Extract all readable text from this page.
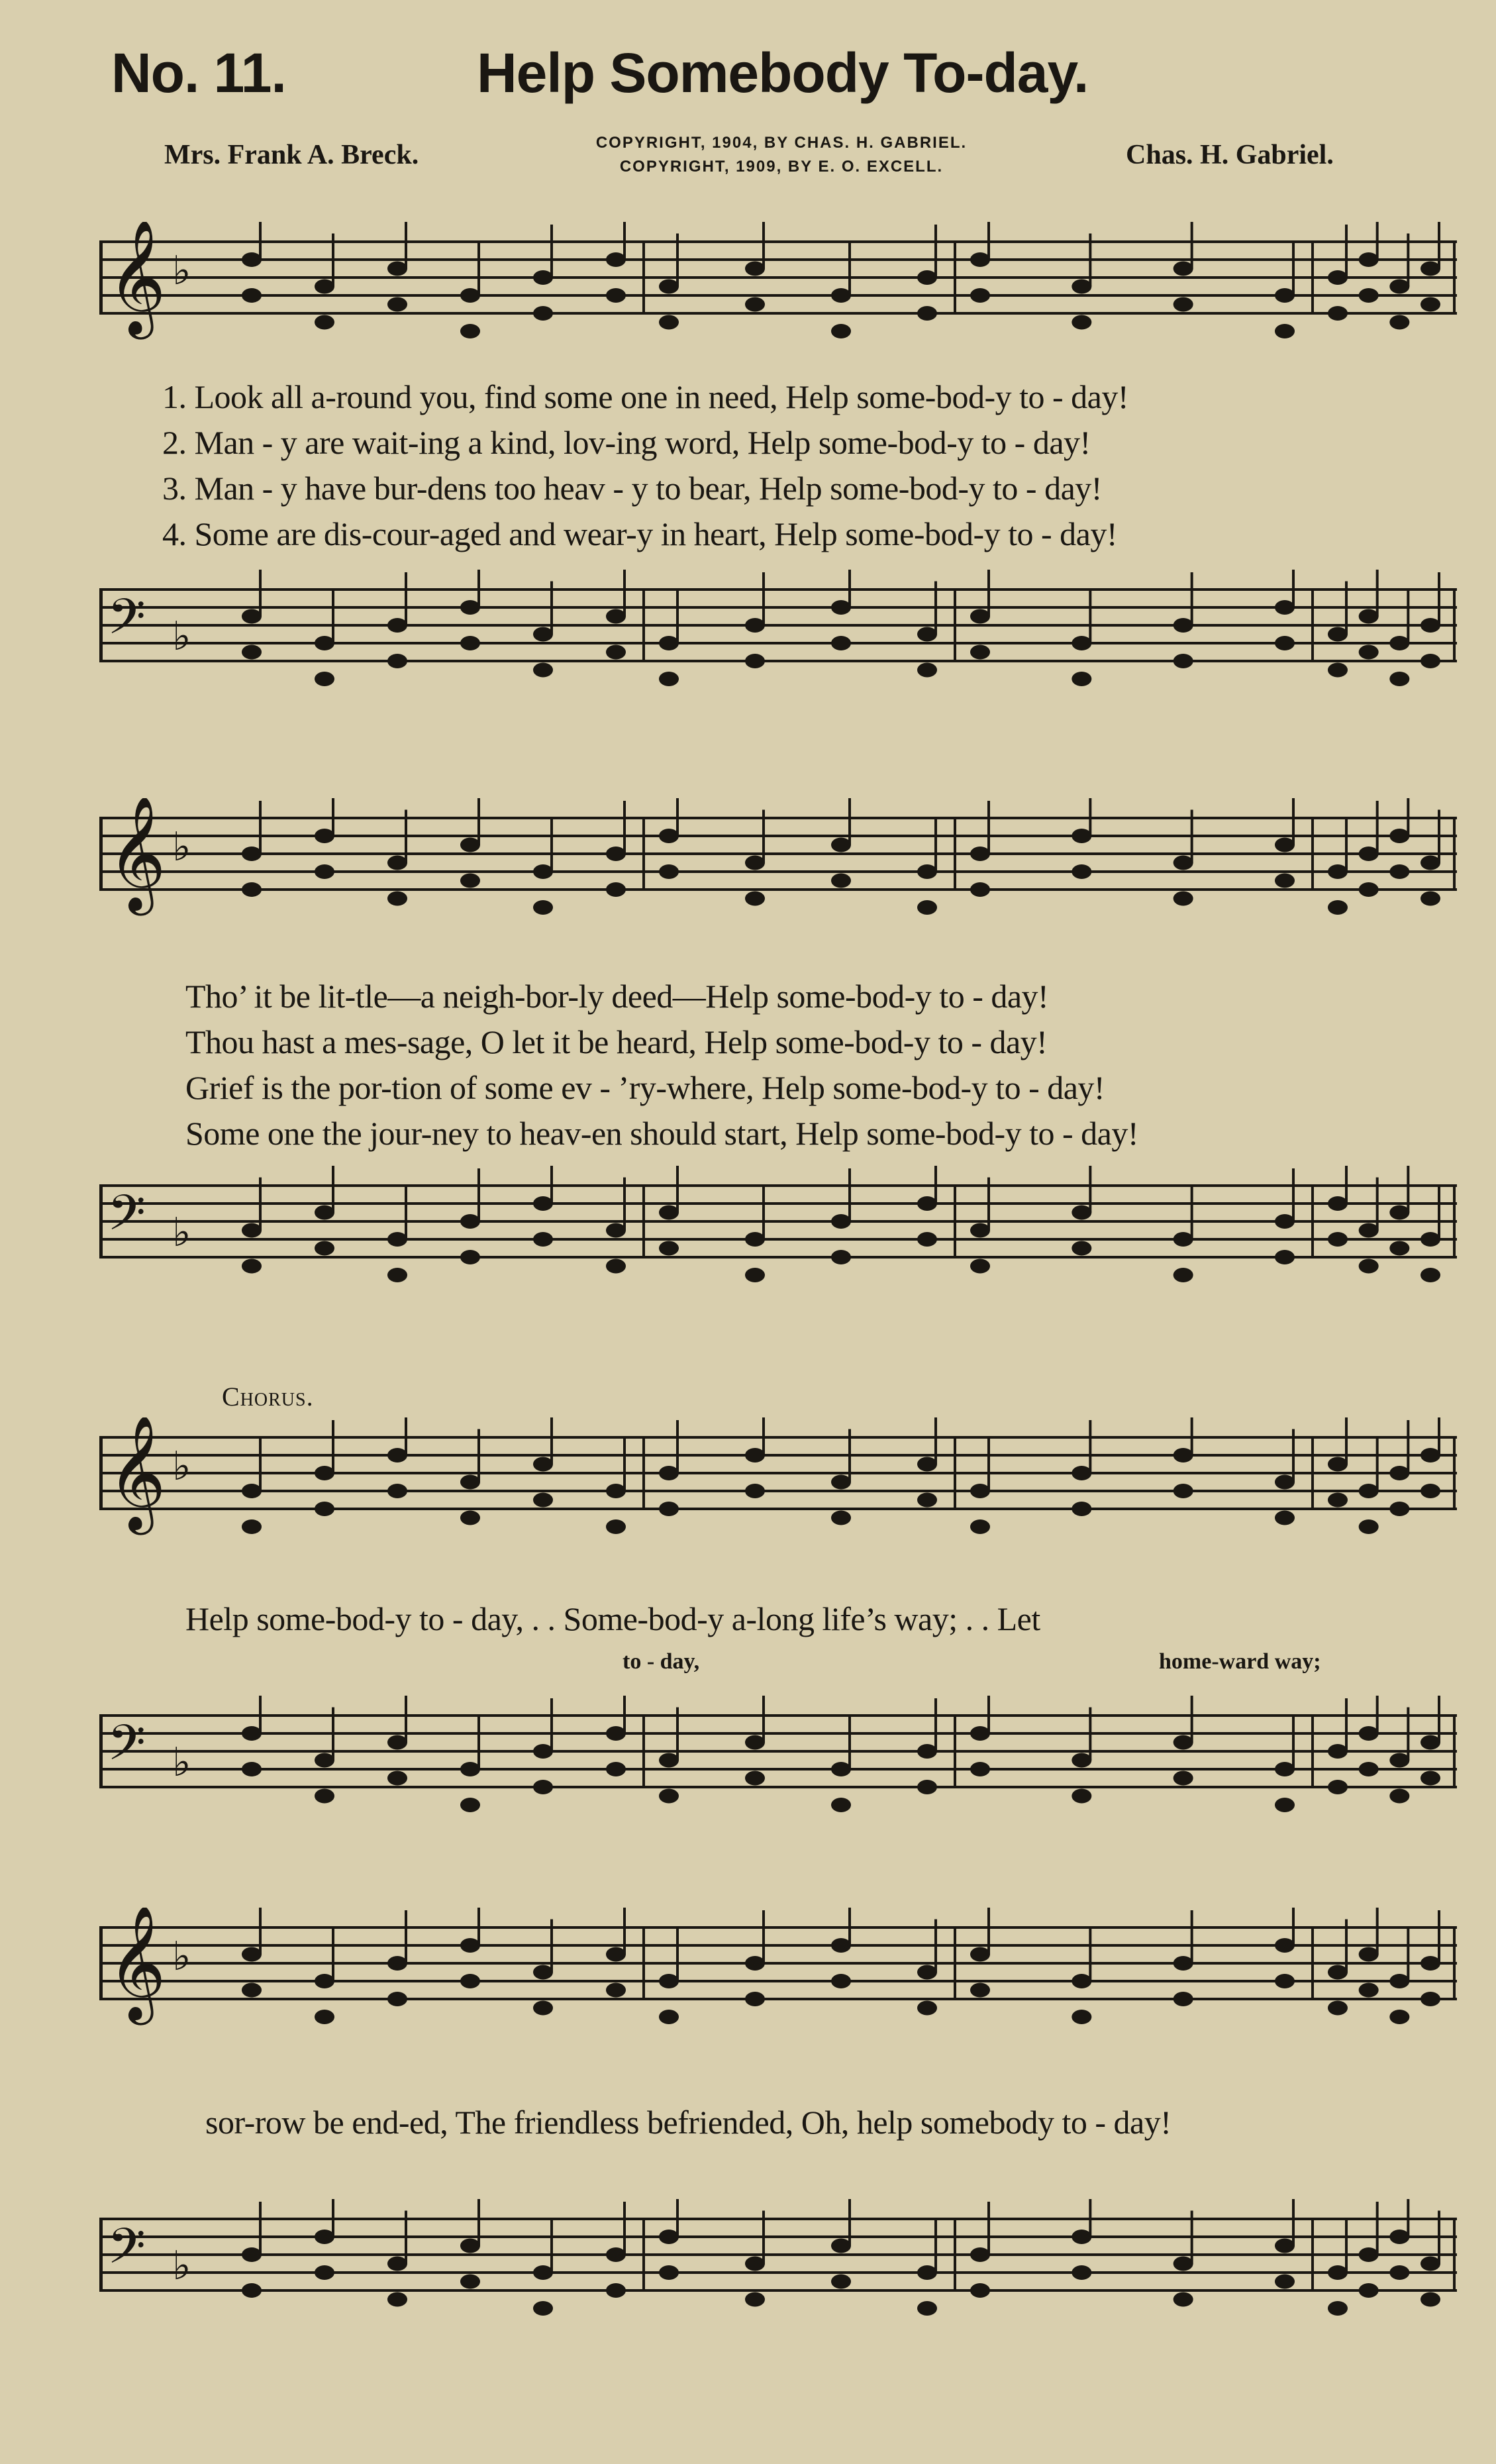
No. 11.	Help Somebody To-day.
Mrs. Frank A. Breck.	COPYRIGHT, 1904, BY CHAS. H. GABRIEL.
COPYRIGHT, 1909, BY E. O. EXCELL.	Chas. H. Gabriel.
𝄞 ♭
1. Look all a-round you, find some one in need, Help some-bod-y to - day!
2. Man - y are wait-ing a kind, lov-ing word, Help some-bod-y to - day!
3. Man - y have bur-dens too heav - y to bear, Help some-bod-y to - day!
4. Some are dis-cour-aged and wear-y in heart, Help some-bod-y to - day!
𝄢 ♭
𝄞 ♭
Tho’ it be lit-tle—a neigh-bor-ly deed—Help some-bod-y to - day!
Thou hast a mes-sage, O let it be heard, Help some-bod-y to - day!
Grief is the por-tion of some ev - ’ry-where, Help some-bod-y to - day!
Some one the jour-ney to heav-en should start, Help some-bod-y to - day!
𝄢 ♭
Chorus.
𝄞 ♭
Help some-bod-y to - day, . . Some-bod-y a-long life’s way; . . Let
to - day,	home-ward way;
𝄢 ♭
𝄞 ♭
sor-row be end-ed, The friendless befriended, Oh, help somebody to - day!
𝄢 ♭
